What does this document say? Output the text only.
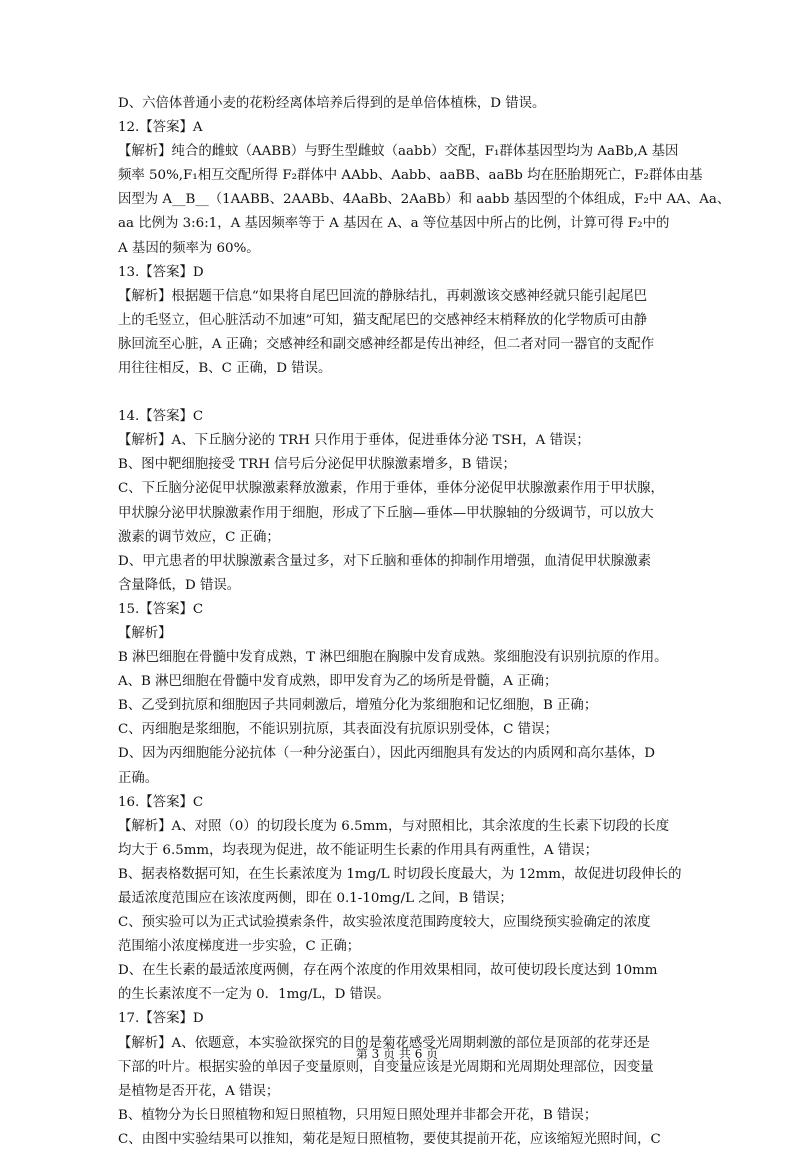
D、六倍体普通小麦的花粉经离体培养后得到的是单倍体植株，D 错误。
12.【答案】A
【解析】纯合的雌蚊（AABB）与野生型雌蚊（aabb）交配，F₁群体基因型均为 AaBb,A 基因
频率 50%,F₁相互交配所得 F₂群体中 AAbb、Aabb、aaBB、aaBb 均在胚胎期死亡，F₂群体由基
因型为 A__B__（1AABB、2AABb、4AaBb、2AaBb）和 aabb 基因型的个体组成，F₂中 AA、Aa、
aa 比例为 3:6:1，A 基因频率等于 A 基因在 A、a 等位基因中所占的比例，计算可得 F₂中的
A 基因的频率为 60%。
13.【答案】D
【解析】根据题干信息“如果将自尾巴回流的静脉结扎，再刺激该交感神经就只能引起尾巴
上的毛竖立，但心脏活动不加速”可知，猫支配尾巴的交感神经末梢释放的化学物质可由静
脉回流至心脏，A 正确；交感神经和副交感神经都是传出神经，但二者对同一器官的支配作
用往往相反，B、C 正确，D 错误。
14.【答案】C
【解析】A、下丘脑分泌的 TRH 只作用于垂体，促进垂体分泌 TSH，A 错误；
B、图中靶细胞接受 TRH 信号后分泌促甲状腺激素增多，B 错误；
C、下丘脑分泌促甲状腺激素释放激素，作用于垂体，垂体分泌促甲状腺激素作用于甲状腺，
甲状腺分泌甲状腺激素作用于细胞，形成了下丘脑—垂体—甲状腺轴的分级调节，可以放大
激素的调节效应，C 正确；
D、甲亢患者的甲状腺激素含量过多，对下丘脑和垂体的抑制作用增强，血清促甲状腺激素
含量降低，D 错误。
15.【答案】C
【解析】
B 淋巴细胞在骨髓中发育成熟，T 淋巴细胞在胸腺中发育成熟。浆细胞没有识别抗原的作用。
A、B 淋巴细胞在骨髓中发育成熟，即甲发育为乙的场所是骨髓，A 正确；
B、乙受到抗原和细胞因子共同刺激后，增殖分化为浆细胞和记忆细胞，B 正确；
C、丙细胞是浆细胞，不能识别抗原，其表面没有抗原识别受体，C 错误；
D、因为丙细胞能分泌抗体（一种分泌蛋白），因此丙细胞具有发达的内质网和高尔基体，D
正确。
16.【答案】C
【解析】A、对照（0）的切段长度为 6.5mm，与对照相比，其余浓度的生长素下切段的长度
均大于 6.5mm，均表现为促进，故不能证明生长素的作用具有两重性，A 错误；
B、据表格数据可知，在生长素浓度为 1mg/L 时切段长度最大，为 12mm，故促进切段伸长的
最适浓度范围应在该浓度两侧，即在 0.1-10mg/L 之间，B 错误；
C、预实验可以为正式试验摸索条件，故实验浓度范围跨度较大，应围绕预实验确定的浓度
范围缩小浓度梯度进一步实验，C 正确；
D、在生长素的最适浓度两侧，存在两个浓度的作用效果相同，故可使切段长度达到 10mm
的生长素浓度不一定为 0．1mg/L，D 错误。
17.【答案】D
【解析】A、依题意，本实验欲探究的目的是菊花感受光周期刺激的部位是顶部的花芽还是
下部的叶片。根据实验的单因子变量原则，自变量应该是光周期和光周期处理部位，因变量
是植物是否开花，A 错误；
B、植物分为长日照植物和短日照植物，只用短日照处理并非都会开花，B 错误；
C、由图中实验结果可以推知，菊花是短日照植物，要使其提前开花，应该缩短光照时间，C
第 3 页 共 6 页
